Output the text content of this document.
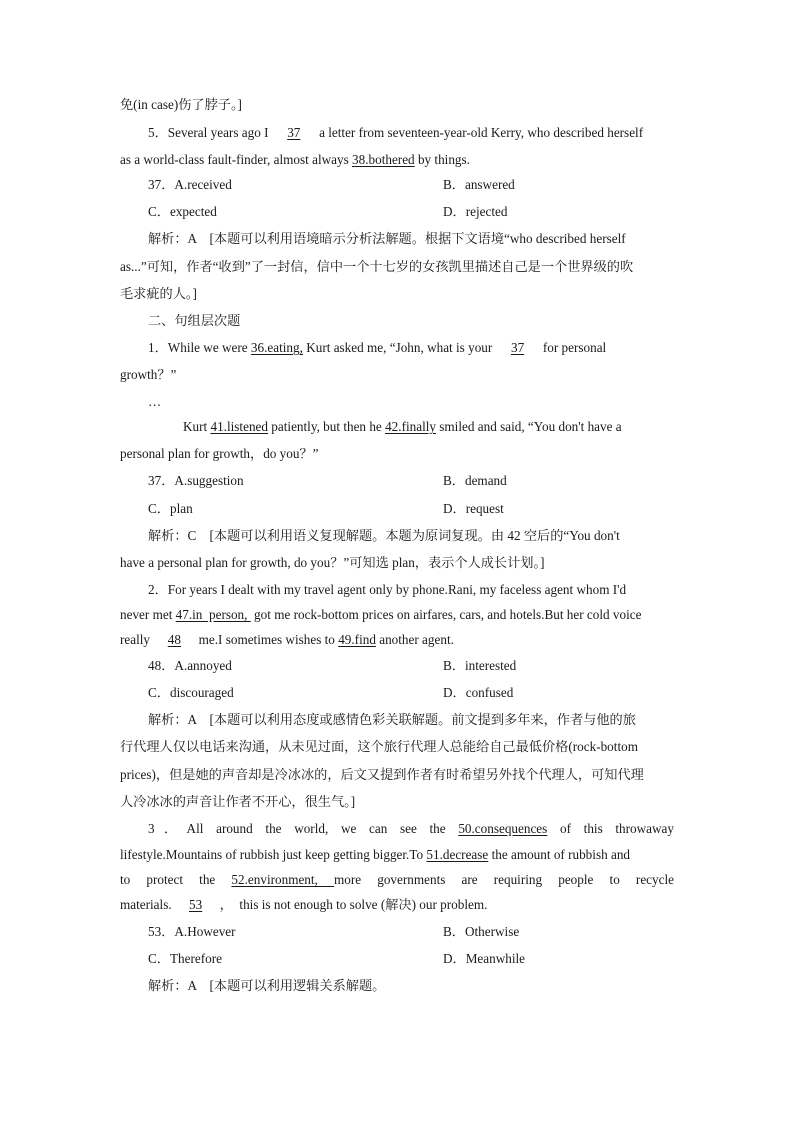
免(in case)伤了脖子。]
5．Several years ago I 37 a letter from seventeen-year-old Kerry, who described herself
as a world-class fault-finder, almost always 38.bothered by things.
37．A.received	B．answered
C．expected	D．rejected
解析：A　[本题可以利用语境暗示分析法解题。根据下文语境“who described herself
as...”可知，作者“收到”了一封信，信中一个十七岁的女孩凯里描述自己是一个世界级的吹
毛求疵的人。]
二、句组层次题
1．While we were 36.eating, Kurt asked me, “John, what is your 37 for personal
growth？”
…
Kurt 41.listened patiently, but then he 42.finally smiled and said, “You don't have a
personal plan for growth，do you？”
37．A.suggestion	B．demand
C．plan	D．request
解析：C　[本题可以利用语义复现解题。本题为原词复现。由 42 空后的“You don't
have a personal plan for growth, do you？”可知选 plan，表示个人成长计划。]
2．For years I dealt with my travel agent only by phone.Rani, my faceless agent whom I'd
never met 47.in  person,  got me rock-bottom prices on airfares, cars, and hotels.But her cold voice
really 48 me.I sometimes wishes to 49.find another agent.
48．A.annoyed	B．interested
C．discouraged	D．confused
解析：A　[本题可以利用态度或感情色彩关联解题。前文提到多年来，作者与他的旅
行代理人仅以电话来沟通，从未见过面，这个旅行代理人总能给自己最低价格(rock-bottom
prices)，但是她的声音却是冷冰冰的，后文又提到作者有时希望另外找个代理人，可知代理
人冷冰冰的声音让作者不开心，很生气。]
3．All around the world, we can see the 50.consequences of this throwaway
lifestyle.Mountains of rubbish just keep getting bigger.To 51.decrease the amount of rubbish and
to protect the 52.environment, more governments are requiring people to recycle
materials. 53 ，　this is not enough to solve (解决) our problem.
53．A.However	B．Otherwise
C．Therefore	D．Meanwhile
解析：A　[本题可以利用逻辑关系解题。
